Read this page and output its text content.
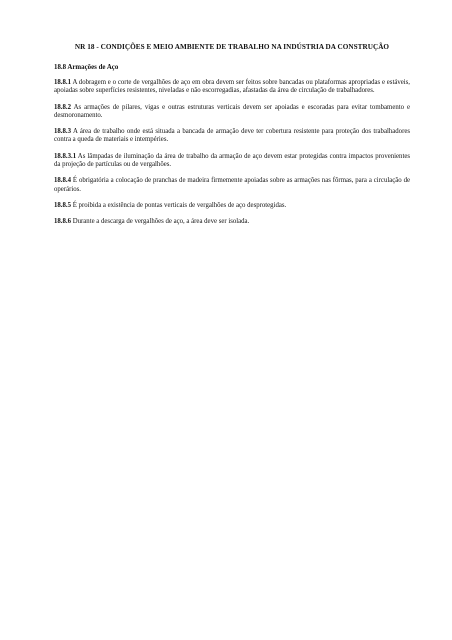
NR 18 - CONDIÇÕES E MEIO AMBIENTE DE TRABALHO NA INDÚSTRIA DA CONSTRUÇÃO
18.8 Armações de Aço

18.8.1 A dobragem e o corte de vergalhões de aço em obra devem ser feitos sobre bancadas ou plataformas apropriadas e estáveis, apoiadas sobre superfícies resistentes, niveladas e não escorregadias, afastadas da área de circulação de trabalhadores.

18.8.2 As armações de pilares, vigas e outras estruturas verticais devem ser apoiadas e escoradas para evitar tombamento e desmoronamento.

18.8.3 A área de trabalho onde está situada a bancada de armação deve ter cobertura resistente para proteção dos trabalhadores contra a queda de materiais e intempéries.

18.8.3.1 As lâmpadas de iluminação da área de trabalho da armação de aço devem estar protegidas contra impactos provenientes da projeção de partículas ou de vergalhões.

18.8.4 É obrigatória a colocação de pranchas de madeira firmemente apoiadas sobre as armações nas fôrmas, para a circulação de operários.

18.8.5 É proibida a existência de pontas verticais de vergalhões de aço desprotegidas.

18.8.6 Durante a descarga de vergalhões de aço, a área deve ser isolada.
